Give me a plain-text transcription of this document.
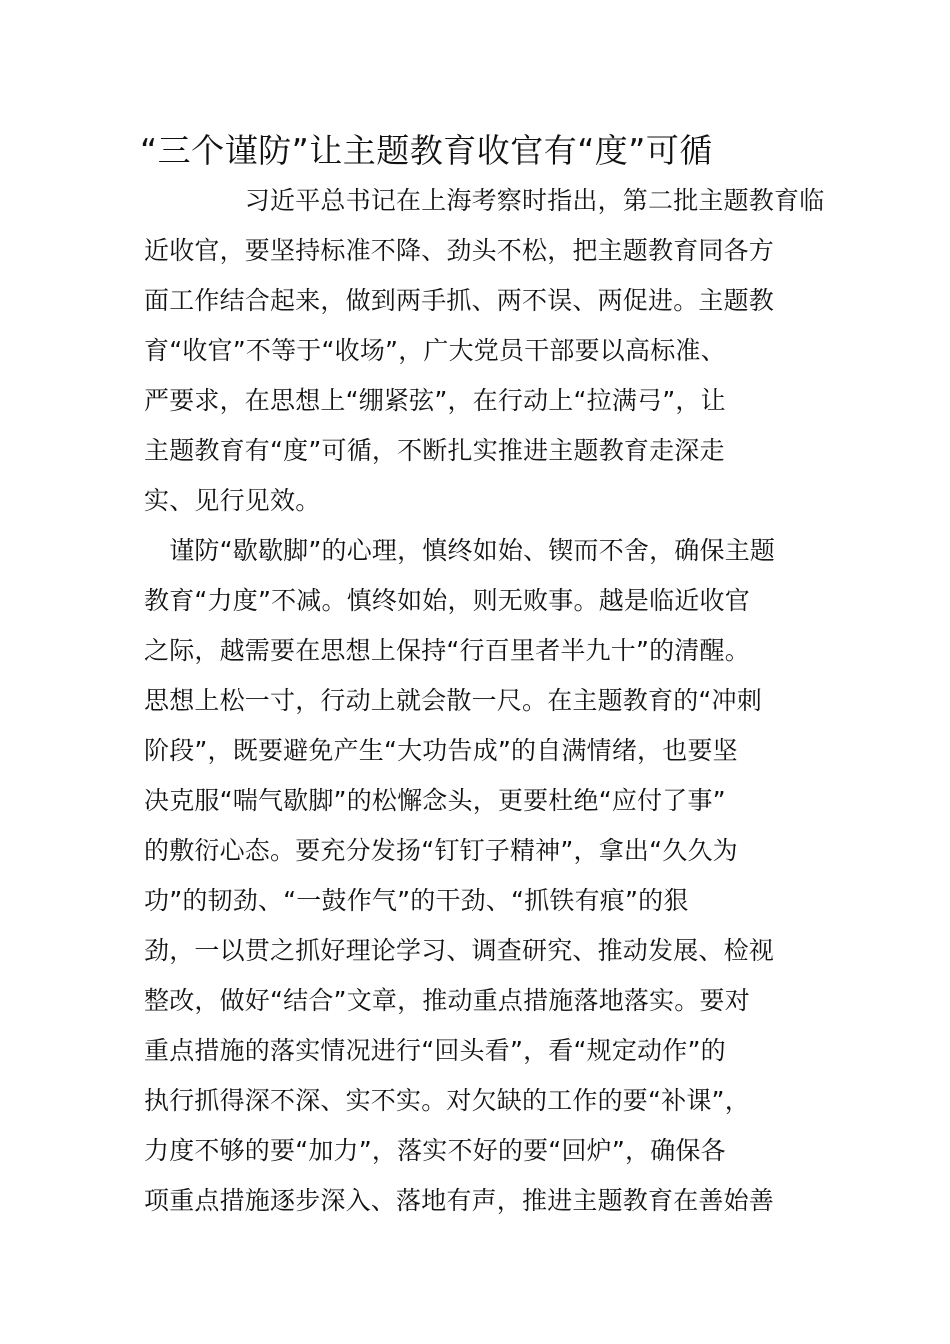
“三个谨防”让主题教育收官有“度”可循
　　　　习近平总书记在上海考察时指出，第二批主题教育临
近收官，要坚持标准不降、劲头不松，把主题教育同各方
面工作结合起来，做到两手抓、两不误、两促进。主题教
育“收官”不等于“收场”，广大党员干部要以高标准、
严要求，在思想上“绷紧弦”，在行动上“拉满弓”，让
主题教育有“度”可循，不断扎实推进主题教育走深走
实、见行见效。
　谨防“歇歇脚”的心理，慎终如始、锲而不舍，确保主题
教育“力度”不减。慎终如始，则无败事。越是临近收官
之际，越需要在思想上保持“行百里者半九十”的清醒。
思想上松一寸，行动上就会散一尺。在主题教育的“冲刺
阶段”，既要避免产生“大功告成”的自满情绪，也要坚
决克服“喘气歇脚”的松懈念头，更要杜绝“应付了事”
的敷衍心态。要充分发扬“钉钉子精神”，拿出“久久为
功”的韧劲、“一鼓作气”的干劲、“抓铁有痕”的狠
劲，一以贯之抓好理论学习、调查研究、推动发展、检视
整改，做好“结合”文章，推动重点措施落地落实。要对
重点措施的落实情况进行“回头看”，看“规定动作”的
执行抓得深不深、实不实。对欠缺的工作的要“补课”，
力度不够的要“加力”，落实不好的要“回炉”，确保各
项重点措施逐步深入、落地有声，推进主题教育在善始善
